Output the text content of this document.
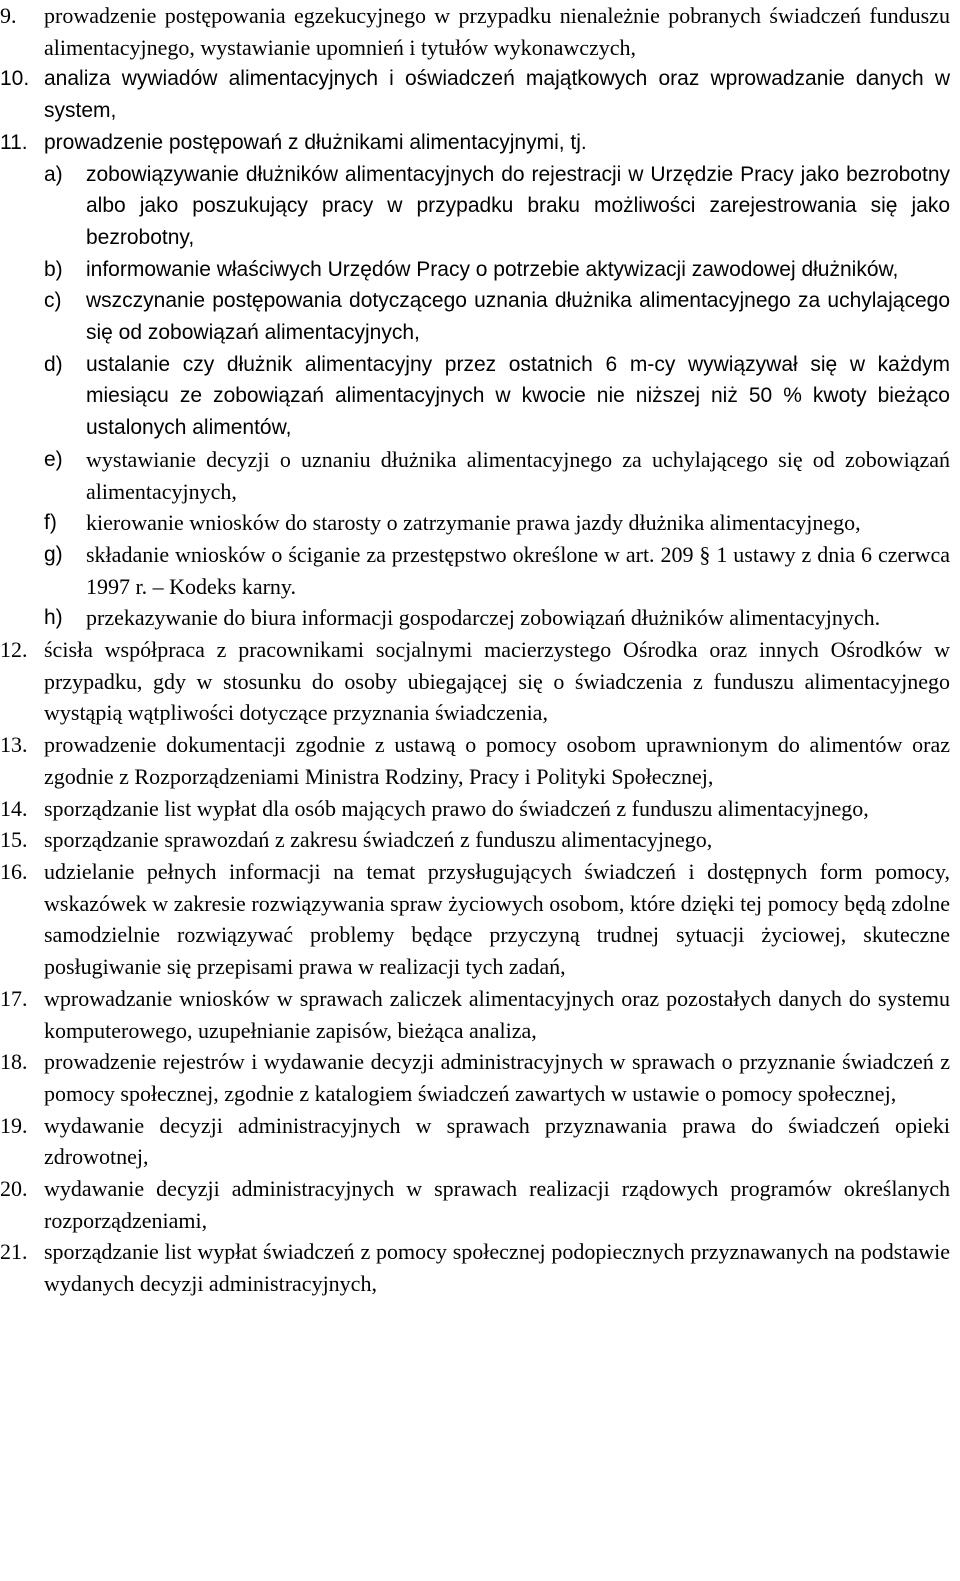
9.	prowadzenie postępowania egzekucyjnego w przypadku nienależnie pobranych świadczeń funduszu alimentacyjnego, wystawianie upomnień i tytułów wykonawczych,
10. analiza wywiadów alimentacyjnych i oświadczeń majątkowych oraz wprowadzanie danych w system,
11. prowadzenie postępowań z dłużnikami alimentacyjnymi, tj.
a)	zobowiązywanie dłużników alimentacyjnych do rejestracji w Urzędzie Pracy jako bezrobotny albo jako poszukujący pracy w przypadku braku możliwości zarejestrowania się jako bezrobotny,
b)	informowanie właściwych Urzędów Pracy o potrzebie aktywizacji zawodowej dłużników,
c)	wszczynanie postępowania dotyczącego uznania dłużnika alimentacyjnego za uchylającego się od zobowiązań alimentacyjnych,
d)	ustalanie czy dłużnik alimentacyjny przez ostatnich 6 m-cy wywiązywał się w każdym miesiącu ze zobowiązań alimentacyjnych w kwocie nie niższej niż 50 % kwoty bieżąco ustalonych alimentów,
e)	wystawianie decyzji o uznaniu dłużnika alimentacyjnego za uchylającego się od zobowiązań alimentacyjnych,
f)	kierowanie wniosków do starosty o zatrzymanie prawa jazdy dłużnika alimentacyjnego,
g)	składanie wniosków o ściganie za przestępstwo określone w art. 209 § 1 ustawy z dnia 6 czerwca 1997 r. – Kodeks karny.
h)	przekazywanie do biura informacji gospodarczej zobowiązań dłużników alimentacyjnych.
12. ścisła współpraca z pracownikami socjalnymi macierzystego Ośrodka oraz innych Ośrodków w przypadku, gdy w stosunku do osoby ubiegającej się o świadczenia z funduszu alimentacyjnego wystąpią wątpliwości dotyczące przyznania świadczenia,
13. prowadzenie dokumentacji zgodnie z ustawą o pomocy osobom uprawnionym do alimentów oraz zgodnie z Rozporządzeniami Ministra Rodziny, Pracy i Polityki Społecznej,
14. sporządzanie list wypłat dla osób mających prawo do świadczeń z funduszu alimentacyjnego,
15. sporządzanie sprawozdań z zakresu świadczeń z funduszu alimentacyjnego,
16. udzielanie pełnych informacji na temat przysługujących świadczeń i dostępnych form pomocy, wskazówek w zakresie rozwiązywania spraw życiowych osobom, które dzięki tej pomocy będą zdolne samodzielnie rozwiązywać problemy będące przyczyną trudnej sytuacji życiowej, skuteczne posługiwanie się przepisami prawa w realizacji tych zadań,
17. wprowadzanie wniosków w sprawach zaliczek alimentacyjnych oraz pozostałych danych do systemu komputerowego, uzupełnianie zapisów, bieżąca analiza,
18. prowadzenie rejestrów i wydawanie decyzji administracyjnych w sprawach o przyznanie świadczeń z pomocy społecznej, zgodnie z katalogiem świadczeń zawartych w ustawie o pomocy społecznej,
19. wydawanie decyzji administracyjnych w sprawach przyznawania prawa do świadczeń opieki zdrowotnej,
20. wydawanie decyzji administracyjnych w sprawach realizacji rządowych programów określanych rozporządzeniami,
21. sporządzanie list wypłat świadczeń z pomocy społecznej podopiecznych przyznawanych na podstawie wydanych decyzji administracyjnych,
